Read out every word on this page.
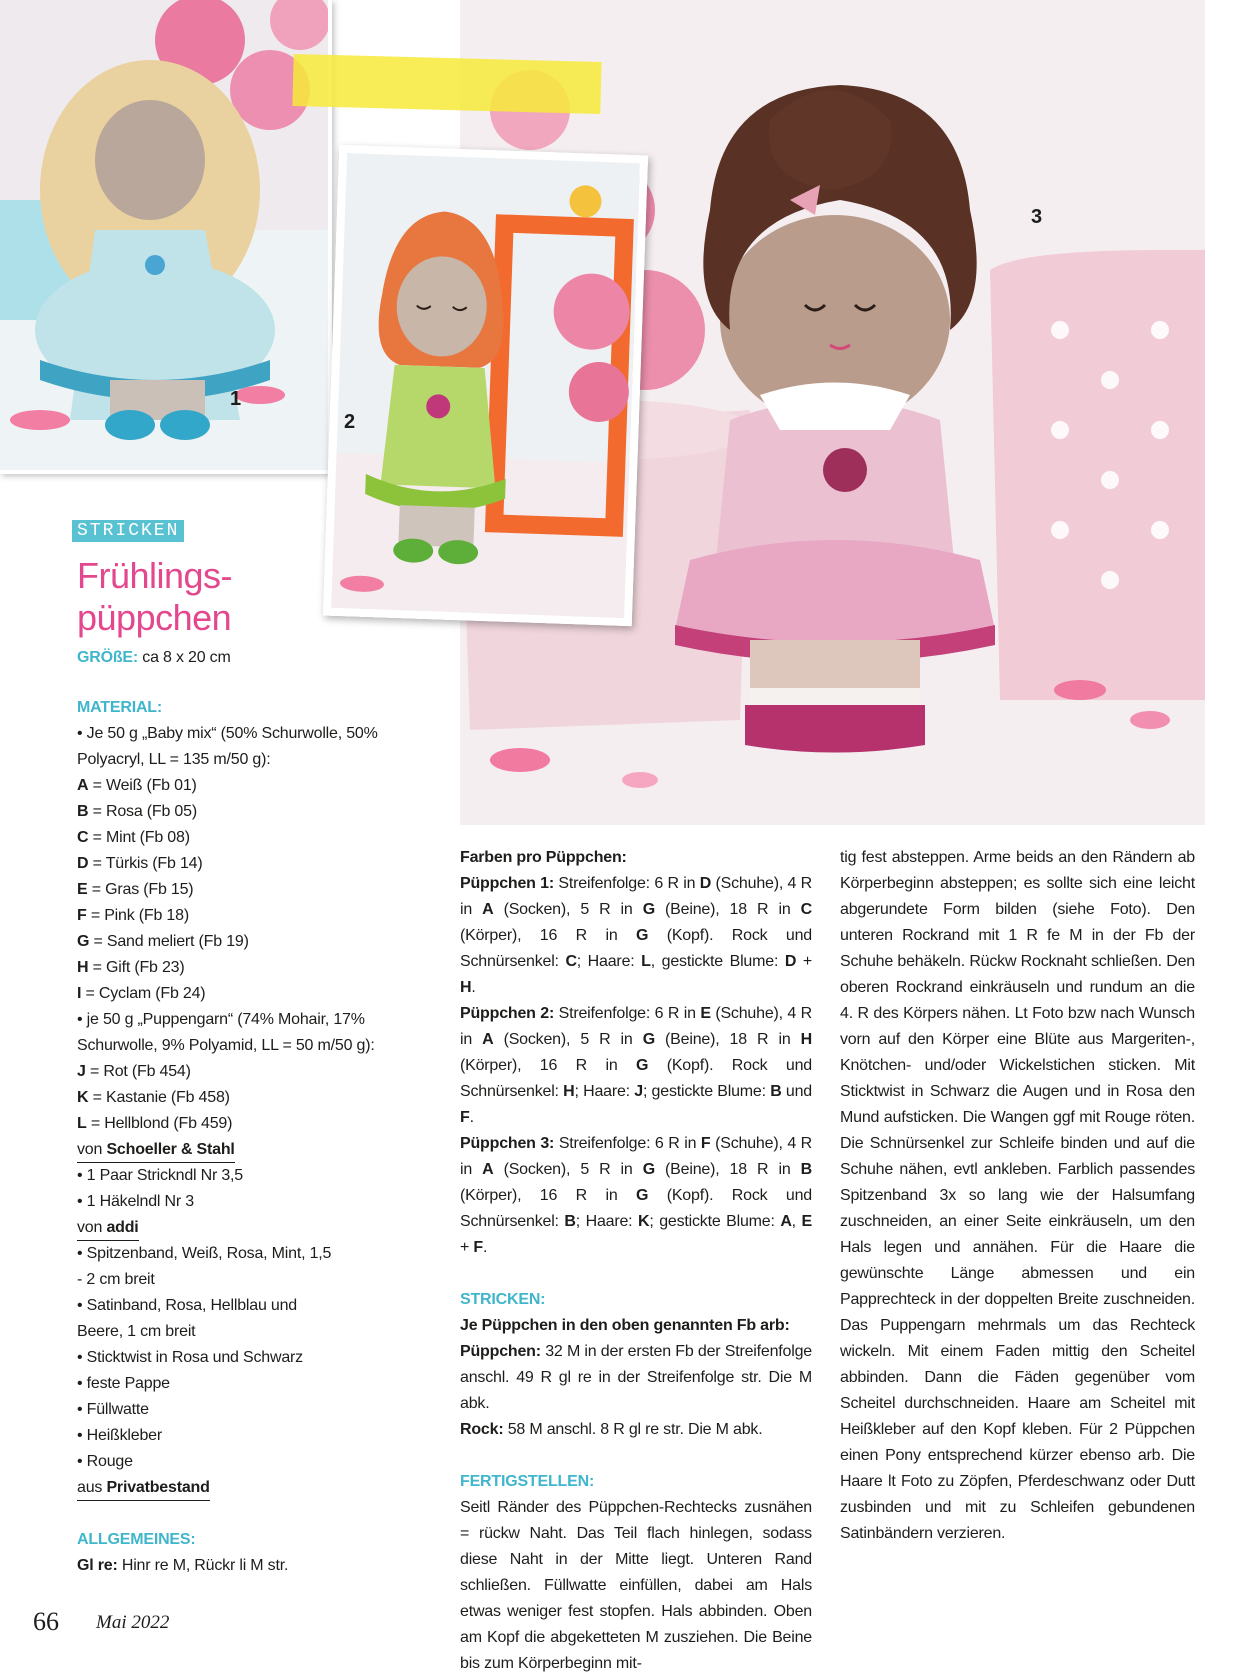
3
1
2
STRICKEN
Frühlings-
püppchen

GRÖßE: ca 8 x 20 cm

MATERIAL:

• Je 50 g „Baby mix“ (50% Schurwolle, 50% Polyacryl, LL = 135 m/50 g):

A = Weiß (Fb 01)

B = Rosa (Fb 05)

C = Mint (Fb 08)

D = Türkis (Fb 14)

E = Gras (Fb 15)

F = Pink (Fb 18)

G = Sand meliert (Fb 19)

H = Gift (Fb 23)

I = Cyclam (Fb 24)

• je 50 g „Puppengarn“ (74% Mohair, 17% Schurwolle, 9% Polyamid, LL = 50 m/50 g):

J = Rot (Fb 454)

K = Kastanie (Fb 458)

L = Hellblond (Fb 459)

von Schoeller & Stahl

• 1 Paar Strickndl Nr 3,5

• 1 Häkelndl Nr 3

von addi

• Spitzenband, Weiß, Rosa, Mint, 1,5 - 2 cm breit

• Satinband, Rosa, Hellblau und Beere, 1 cm breit

• Sticktwist in Rosa und Schwarz

• feste Pappe

• Füllwatte

• Heißkleber

• Rouge

aus Privatbestand

ALLGEMEINES:

Gl re: Hinr re M, Rückr li M str.

Farben pro Püppchen:

Püppchen 1: Streifenfolge: 6 R in D (Schuhe), 4 R in A (Socken), 5 R in G (Beine), 18 R in C (Körper), 16 R in G (Kopf). Rock und Schnürsenkel: C; Haare: L, gestickte Blume: D + H.

Püppchen 2: Streifenfolge: 6 R in E (Schuhe), 4 R in A (Socken), 5 R in G (Beine), 18 R in H (Körper), 16 R in G (Kopf). Rock und Schnürsenkel: H; Haare: J; gestickte Blume: B und F.

Püppchen 3: Streifenfolge: 6 R in F (Schuhe), 4 R in A (Socken), 5 R in G (Beine), 18 R in B (Körper), 16 R in G (Kopf). Rock und Schnürsenkel: B; Haare: K; gestickte Blume: A, E + F.

STRICKEN:

Je Püppchen in den oben genannten Fb arb:

Püppchen: 32 M in der ersten Fb der Streifenfolge anschl. 49 R gl re in der Streifenfolge str. Die M abk.

Rock: 58 M anschl. 8 R gl re str. Die M abk.

FERTIGSTELLEN:

Seitl Ränder des Püppchen-Rechtecks zusnähen = rückw Naht. Das Teil flach hinlegen, sodass diese Naht in der Mitte liegt. Unteren Rand schließen. Füllwatte einfüllen, dabei am Hals etwas weniger fest stopfen. Hals abbinden. Oben am Kopf die abgeketteten M zusziehen. Die Beine bis zum Körperbeginn mit-

tig fest absteppen. Arme beids an den Rändern ab Körperbeginn absteppen; es sollte sich eine leicht abgerundete Form bilden (siehe Foto). Den unteren Rockrand mit 1 R fe M in der Fb der Schuhe behäkeln. Rückw Rocknaht schließen. Den oberen Rockrand einkräuseln und rundum an die 4. R des Körpers nähen. Lt Foto bzw nach Wunsch vorn auf den Körper eine Blüte aus Margeriten-, Knötchen- und/oder Wickelstichen sticken. Mit Sticktwist in Schwarz die Augen und in Rosa den Mund aufsticken. Die Wangen ggf mit Rouge röten. Die Schnürsenkel zur Schleife binden und auf die Schuhe nähen, evtl ankleben. Farblich passendes Spitzenband 3x so lang wie der Halsumfang zuschneiden, an einer Seite einkräuseln, um den Hals legen und annähen. Für die Haare die gewünschte Länge abmessen und ein Papprechteck in der doppelten Breite zuschneiden. Das Puppengarn mehrmals um das Rechteck wickeln. Mit einem Faden mittig den Scheitel abbinden. Dann die Fäden gegenüber vom Scheitel durchschneiden. Haare am Scheitel mit Heißkleber auf den Kopf kleben. Für 2 Püppchen einen Pony entsprechend kürzer ebenso arb. Die Haare lt Foto zu Zöpfen, Pferdeschwanz oder Dutt zusbinden und mit zu Schleifen gebundenen Satinbändern verzieren.

66 Mai 2022
